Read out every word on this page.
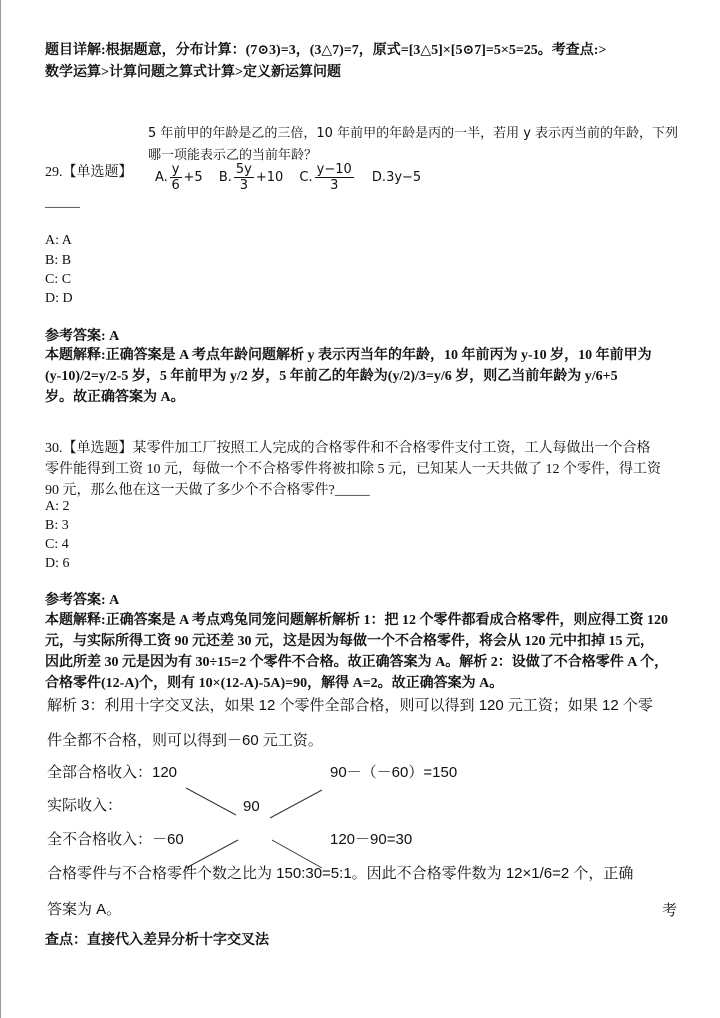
题目详解:根据题意，分布计算：(7⊙3)=3，(3△7)=7，原式=[3△5]×[5⊙7]=5×5=25。考查点:>
数学运算>计算问题之算式计算>定义新运算问题
5 年前甲的年龄是乙的三倍，10 年前甲的年龄是丙的一半，若用 y 表示丙当前的年龄，下列
哪一项能表示乙的当前年龄？
A. $\frac{y}{6} +5$ B. $\frac{5y}{3} +10$ C. $\frac{y-10}{3} D.3y-5$
29.【单选题】
_____
A: A
B: B
C: C
D: D
参考答案: A
本题解释:正确答案是 A 考点年龄问题解析 y 表示丙当年的年龄，10 年前丙为 y-10 岁，10 年前甲为
(y-10)/2=y/2-5 岁，5 年前甲为 y/2 岁，5 年前乙的年龄为(y/2)/3=y/6 岁，则乙当前年龄为 y/6+5
岁。故正确答案为 A。
30.【单选题】某零件加工厂按照工人完成的合格零件和不合格零件支付工资，工人每做出一个合格
零件能得到工资 10 元，每做一个不合格零件将被扣除 5 元，已知某人一天共做了 12 个零件，得工资
90 元，那么他在这一天做了多少个不合格零件?_____
A: 2
B: 3
C: 4
D: 6
参考答案: A
本题解释:正确答案是 A 考点鸡兔同笼问题解析解析 1：把 12 个零件都看成合格零件，则应得工资 120
元，与实际所得工资 90 元还差 30 元，这是因为每做一个不合格零件，将会从 120 元中扣掉 15 元，
因此所差 30 元是因为有 30÷15=2 个零件不合格。故正确答案为 A。解析 2：设做了不合格零件 A 个，
合格零件(12-A)个，则有 10×(12-A)-5A)=90，解得 A=2。故正确答案为 A。
解析 3：利用十字交叉法，如果 12 个零件全部合格，则可以得到 120 元工资；如果 12 个零
件全都不合格，则可以得到－60 元工资。
全部合格收入：120
实际收入：
全不合格收入：－60
90
90－（－60）=150
120－90=30
合格零件与不合格零件个数之比为 150:30=5:1。因此不合格零件数为 12×1/6=2 个，正确
答案为 A。	考
查点：直接代入差异分析十字交叉法
